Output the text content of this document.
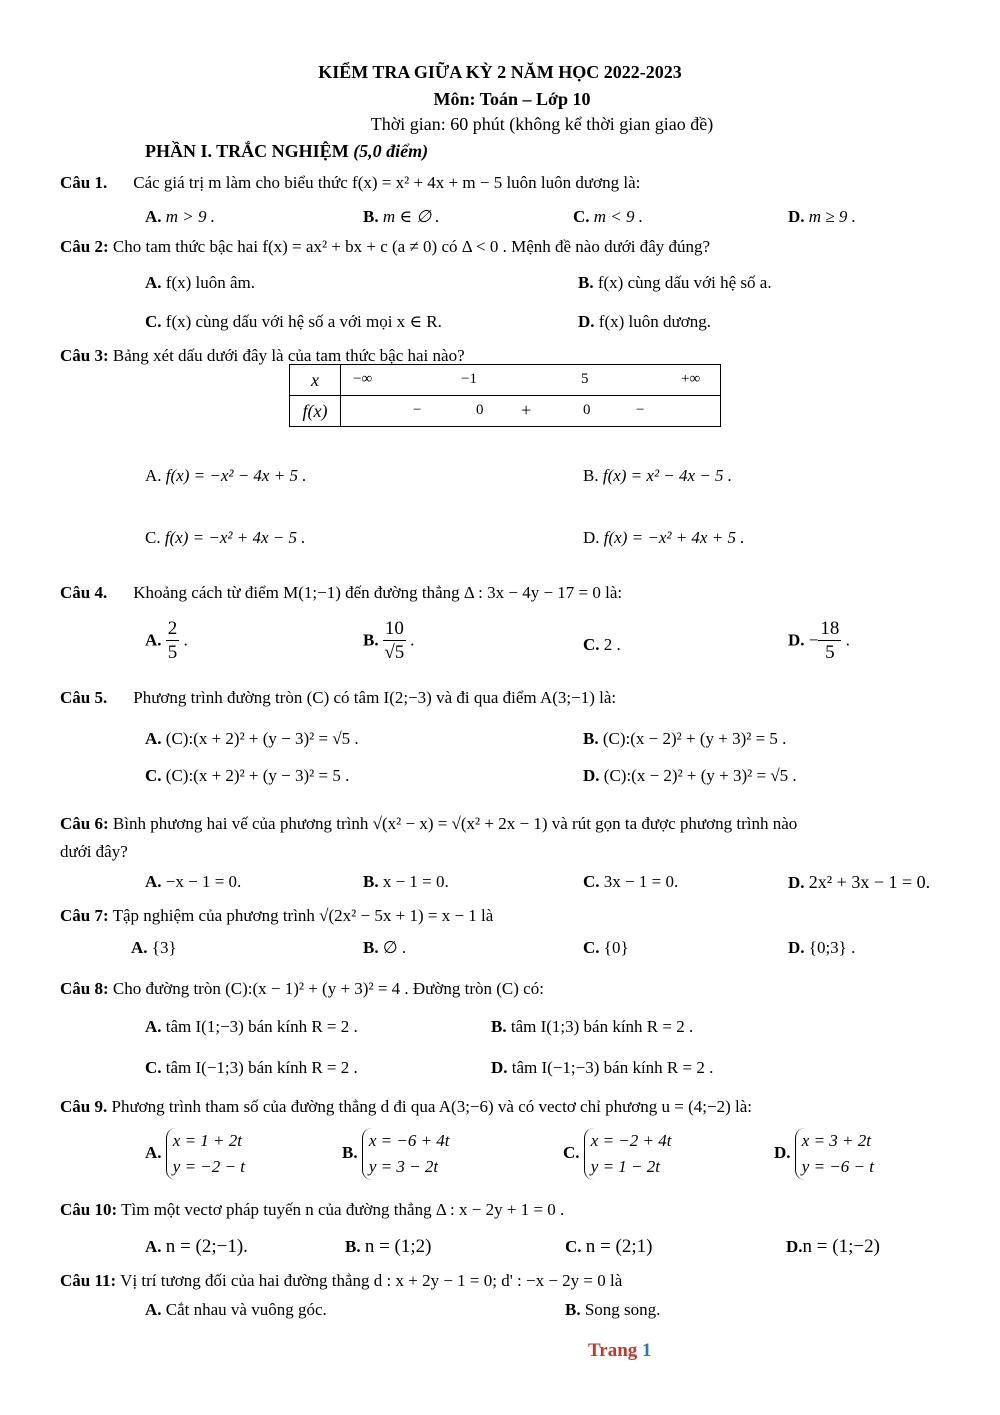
KIỂM TRA GIỮA KỲ 2 NĂM HỌC 2022-2023
Môn: Toán – Lớp 10
Thời gian: 60 phút (không kể thời gian giao đề)
PHẦN I. TRẮC NGHIỆM (5,0 điểm)
Câu 1. Các giá trị m làm cho biểu thức f(x) = x² + 4x + m − 5 luôn luôn dương là:
A. m > 9 .	B. m ∈ ∅ .	C. m < 9 .	D. m ≥ 9 .
Câu 2: Cho tam thức bậc hai f(x) = ax² + bx + c (a ≠ 0) có Δ < 0 . Mệnh đề nào dưới đây đúng?
A. f(x) luôn âm.	B. f(x) cùng dấu với hệ số a.
C. f(x) cùng dấu với hệ số a với mọi x ∈ R.	D. f(x) luôn dương.
Câu 3: Bảng xét dấu dưới đây là của tam thức bậc hai nào?
x	−∞ −1 5 +∞

f(x)	− 0 + 0 −
A. f(x) = −x² − 4x + 5 .	B. f(x) = x² − 4x − 5 .
C. f(x) = −x² + 4x − 5 .	D. f(x) = −x² + 4x + 5 .
Câu 4. Khoảng cách từ điểm M(1;−1) đến đường thẳng Δ : 3x − 4y − 17 = 0 là:
A. $\frac{2}{5}$ .	B. $\frac{10}{√5}$ .	C. 2 .	D. − $\frac{18}{5}$ .
Câu 5. Phương trình đường tròn (C) có tâm I(2;−3) và đi qua điểm A(3;−1) là:
A. (C):(x + 2)² + (y − 3)² = √5 .	B. (C):(x − 2)² + (y + 3)² = 5 .
C. (C):(x + 2)² + (y − 3)² = 5 .	D. (C):(x − 2)² + (y + 3)² = √5 .
Câu 6: Bình phương hai vế của phương trình √(x² − x) = √(x² + 2x − 1) và rút gọn ta được phương trình nào
dưới đây?
A. −x − 1 = 0.	B. x − 1 = 0.	C. 3x − 1 = 0.	D. 2x² + 3x − 1 = 0.
Câu 7: Tập nghiệm của phương trình √(2x² − 5x + 1) = x − 1 là
A. {3}	B. ∅ .	C. {0}	D. {0;3} .
Câu 8: Cho đường tròn (C):(x − 1)² + (y + 3)² = 4 . Đường tròn (C) có:
A. tâm I(1;−3) bán kính R = 2 .	B. tâm I(1;3) bán kính R = 2 .
C. tâm I(−1;3) bán kính R = 2 .	D. tâm I(−1;−3) bán kính R = 2 .
Câu 9. Phương trình tham số của đường thẳng d đi qua A(3;−6) và có vectơ chỉ phương u = (4;−2) là:
A. x = 1 + 2t
y = −2 − t
B. x = −6 + 4t
y = 3 − 2t
C. x = −2 + 4t
y = 1 − 2t
D. x = 3 + 2t
y = −6 − t
Câu 10: Tìm một vectơ pháp tuyến n của đường thẳng Δ : x − 2y + 1 = 0 .
A. n = (2;−1).	B. n = (1;2)	C. n = (2;1)	D.n = (1;−2)
Câu 11: Vị trí tương đối của hai đường thẳng d : x + 2y − 1 = 0; d' : −x − 2y = 0 là
A. Cắt nhau và vuông góc.	B. Song song.
Trang 1
